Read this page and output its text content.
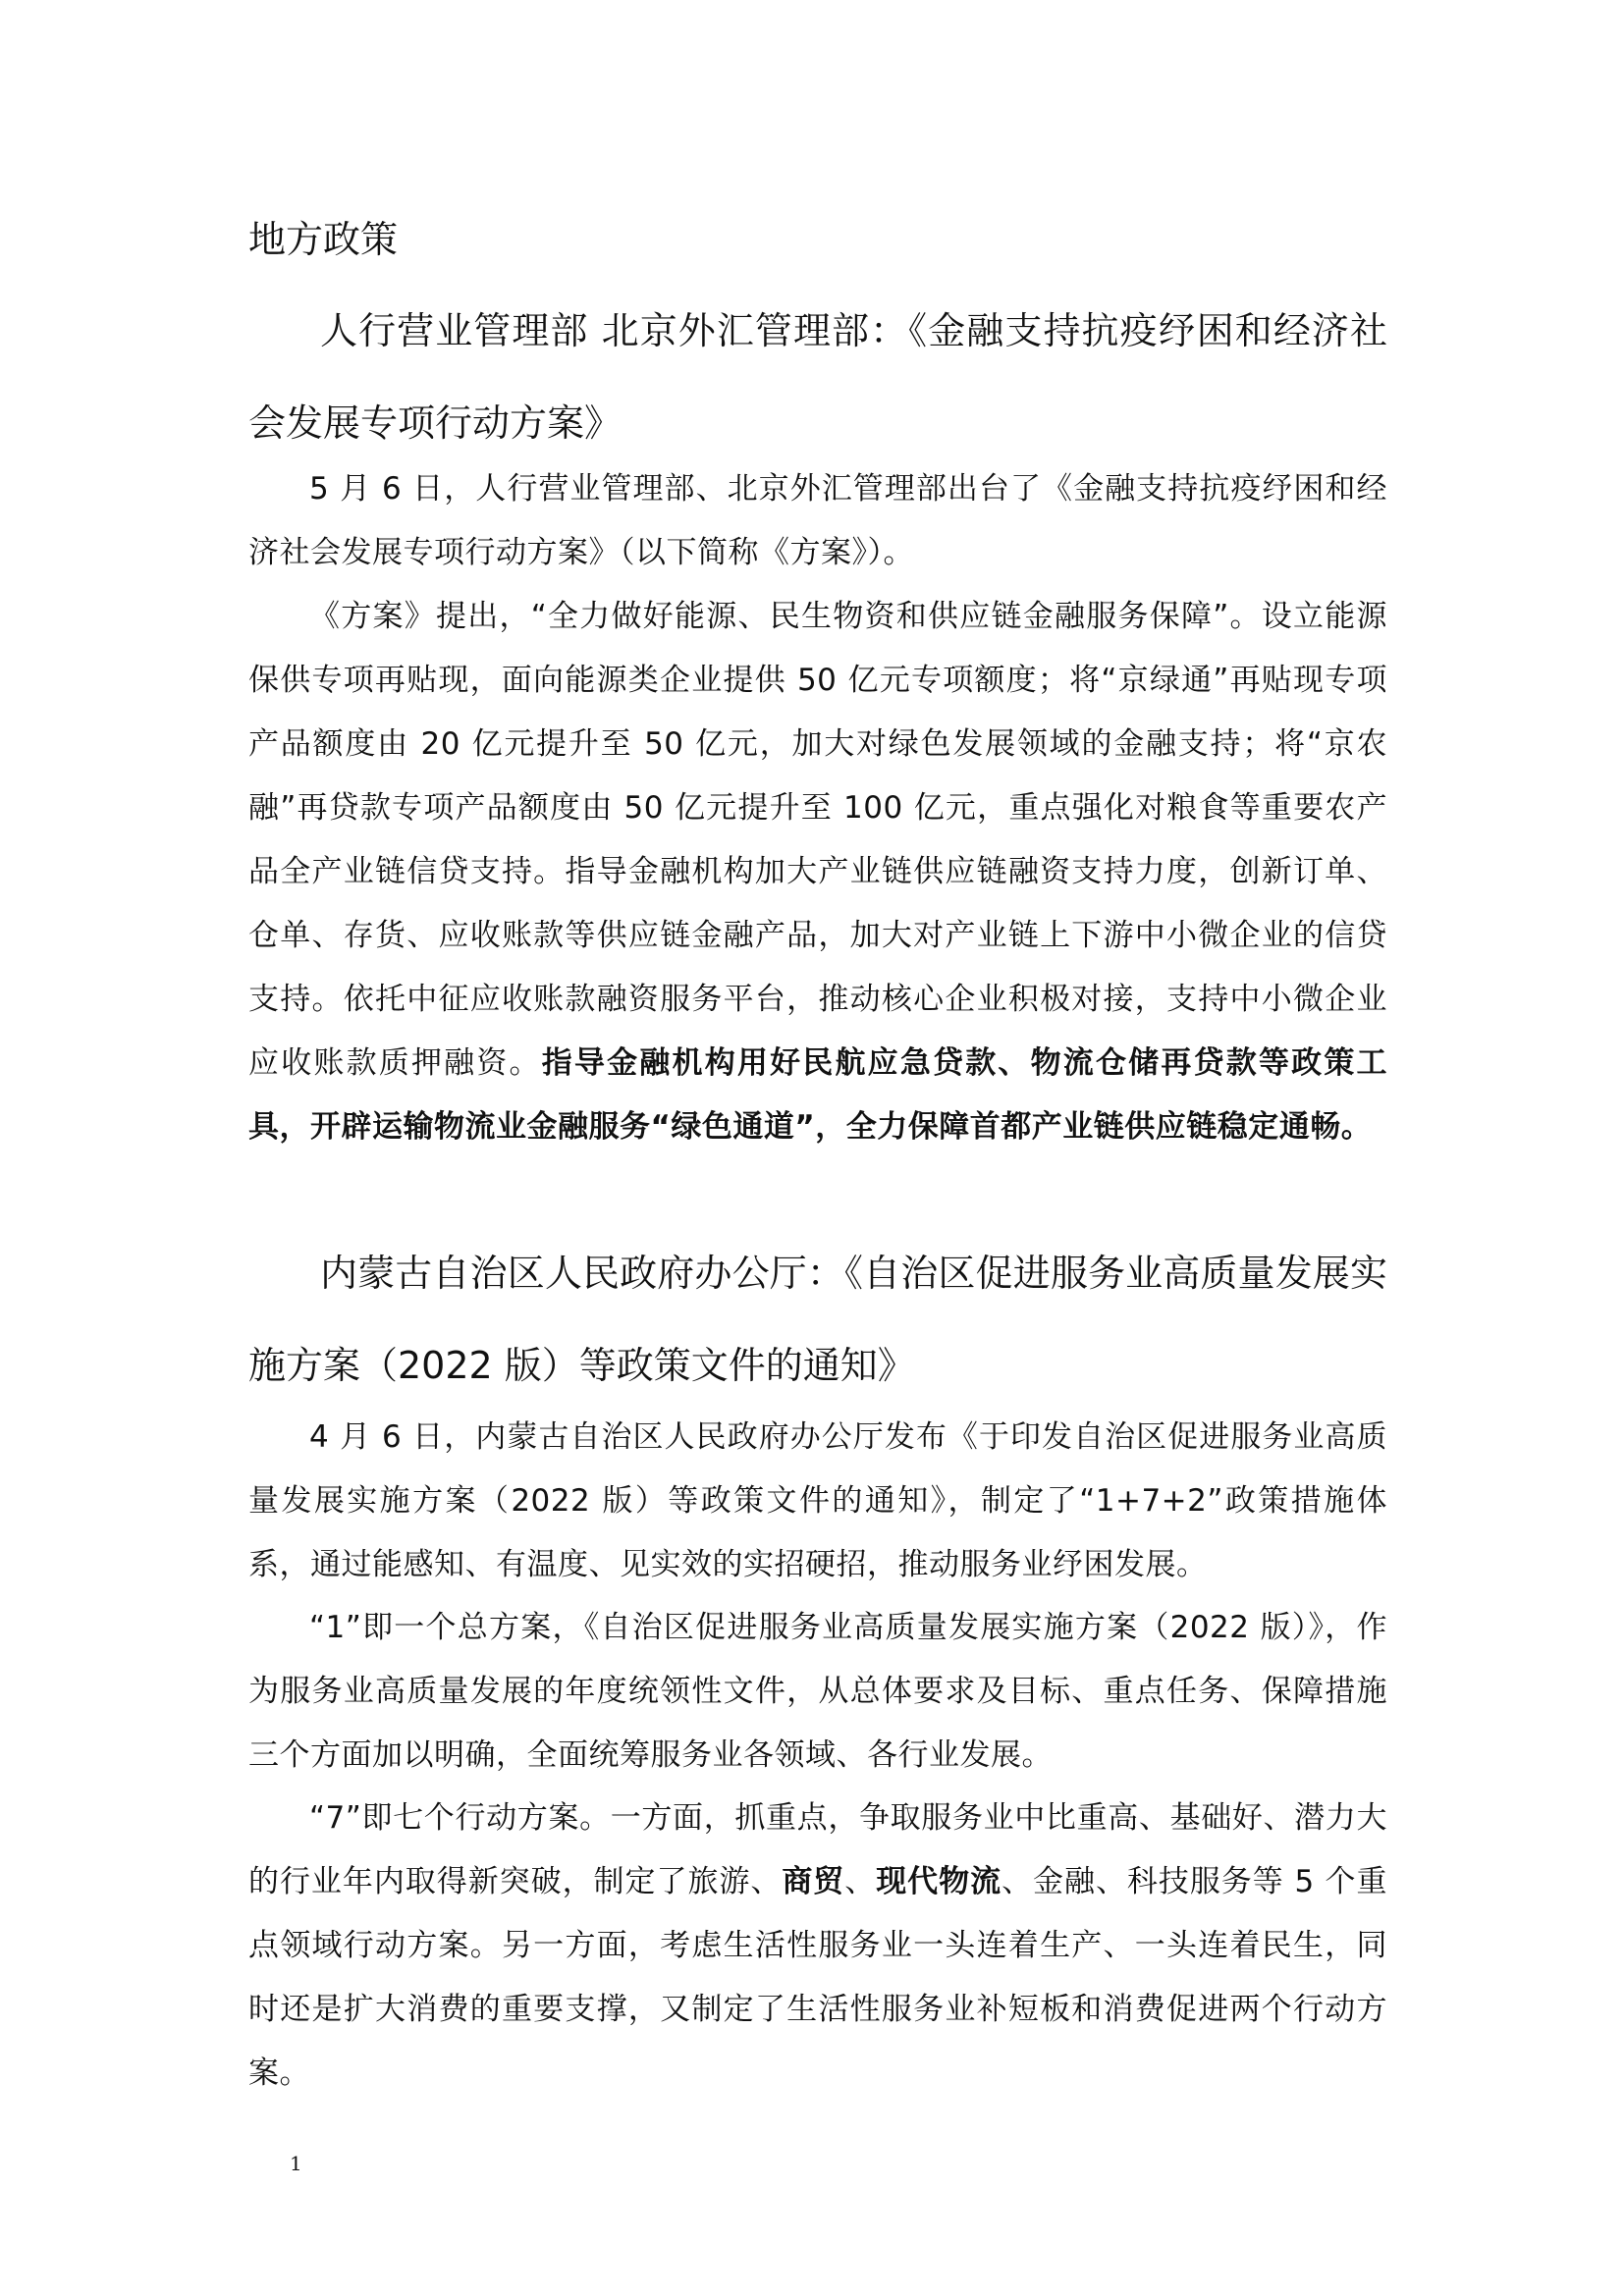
地方政策
人行营业管理部 北京外汇管理部：《金融支持抗疫纾困和经济社会发展专项行动方案》

5 月 6 日，人行营业管理部、北京外汇管理部出台了《金融支持抗疫纾困和经济社会发展专项行动方案》（以下简称《方案》）。

《方案》提出，“全力做好能源、民生物资和供应链金融服务保障”。设立能源保供专项再贴现，面向能源类企业提供 50 亿元专项额度；将“京绿通”再贴现专项产品额度由 20 亿元提升至 50 亿元，加大对绿色发展领域的金融支持；将“京农融”再贷款专项产品额度由 50 亿元提升至 100 亿元，重点强化对粮食等重要农产品全产业链信贷支持。指导金融机构加大产业链供应链融资支持力度，创新订单、仓单、存货、应收账款等供应链金融产品，加大对产业链上下游中小微企业的信贷支持。依托中征应收账款融资服务平台，推动核心企业积极对接，支持中小微企业应收账款质押融资。指导金融机构用好民航应急贷款、物流仓储再贷款等政策工具，开辟运输物流业金融服务“绿色通道”，全力保障首都产业链供应链稳定通畅。

内蒙古自治区人民政府办公厅：《自治区促进服务业高质量发展实施方案（2022 版）等政策文件的通知》

4 月 6 日，内蒙古自治区人民政府办公厅发布《于印发自治区促进服务业高质量发展实施方案（2022 版）等政策文件的通知》，制定了“1+7+2”政策措施体系，通过能感知、有温度、见实效的实招硬招，推动服务业纾困发展。

“1”即一个总方案，《自治区促进服务业高质量发展实施方案（2022 版）》，作为服务业高质量发展的年度统领性文件，从总体要求及目标、重点任务、保障措施三个方面加以明确，全面统筹服务业各领域、各行业发展。

“7”即七个行动方案。一方面，抓重点，争取服务业中比重高、基础好、潜力大的行业年内取得新突破，制定了旅游、商贸、现代物流、金融、科技服务等 5 个重点领域行动方案。另一方面，考虑生活性服务业一头连着生产、一头连着民生，同时还是扩大消费的重要支撑，又制定了生活性服务业补短板和消费促进两个行动方案。

1
